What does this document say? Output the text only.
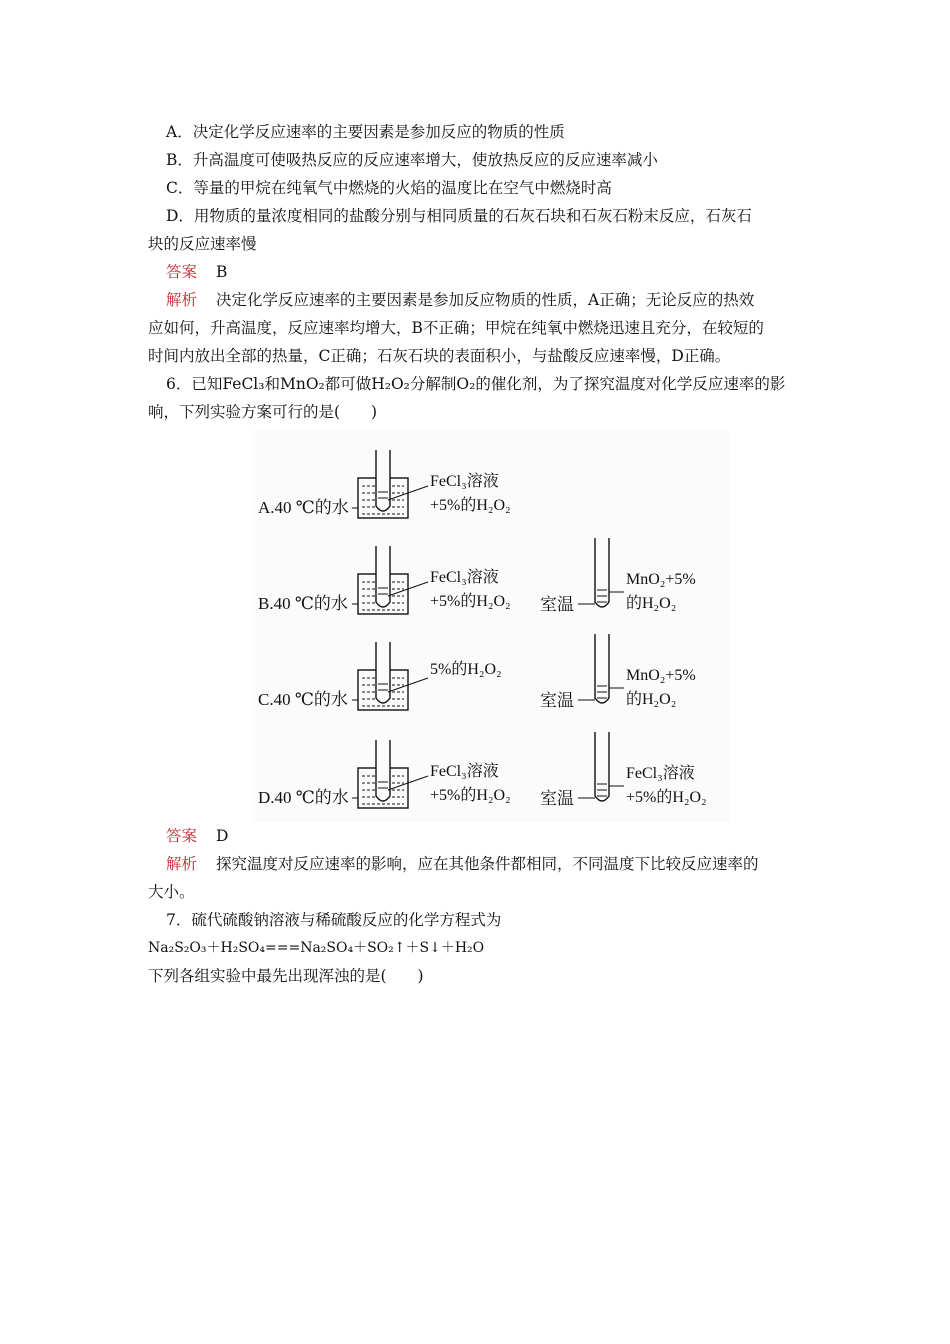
A．决定化学反应速率的主要因素是参加反应的物质的性质
B．升高温度可使吸热反应的反应速率增大，使放热反应的反应速率减小
C．等量的甲烷在纯氧气中燃烧的火焰的温度比在空气中燃烧时高
D．用物质的量浓度相同的盐酸分别与相同质量的石灰石块和石灰石粉末反应，石灰石
块的反应速率慢
答案 B
解析 决定化学反应速率的主要因素是参加反应物质的性质，A正确；无论反应的热效
应如何，升高温度，反应速率均增大，B不正确；甲烷在纯氧中燃烧迅速且充分，在较短的
时间内放出全部的热量，C正确；石灰石块的表面积小，与盐酸反应速率慢，D正确。
6．已知FeCl₃和MnO₂都可做H₂O₂分解制O₂的催化剂，为了探究温度对化学反应速率的影
响，下列实验方案可行的是(　　)
A.40 ℃的水
FeCl₃溶液
+5%的H₂O₂
B.40 ℃的水
FeCl₃溶液
+5%的H₂O₂ 室温
MnO₂+5%
的H₂O₂
C.40 ℃的水
5%的H₂O₂
室温
MnO₂+5%
的H₂O₂
D.40 ℃的水
FeCl₃溶液
+5%的H₂O₂ 室温
FeCl₃溶液
+5%的H₂O₂
答案 D
解析 探究温度对反应速率的影响，应在其他条件都相同，不同温度下比较反应速率的
大小。
7．硫代硫酸钠溶液与稀硫酸反应的化学方程式为
Na₂S₂O₃＋H₂SO₄===Na₂SO₄＋SO₂↑＋S↓＋H₂O
下列各组实验中最先出现浑浊的是(　　)
